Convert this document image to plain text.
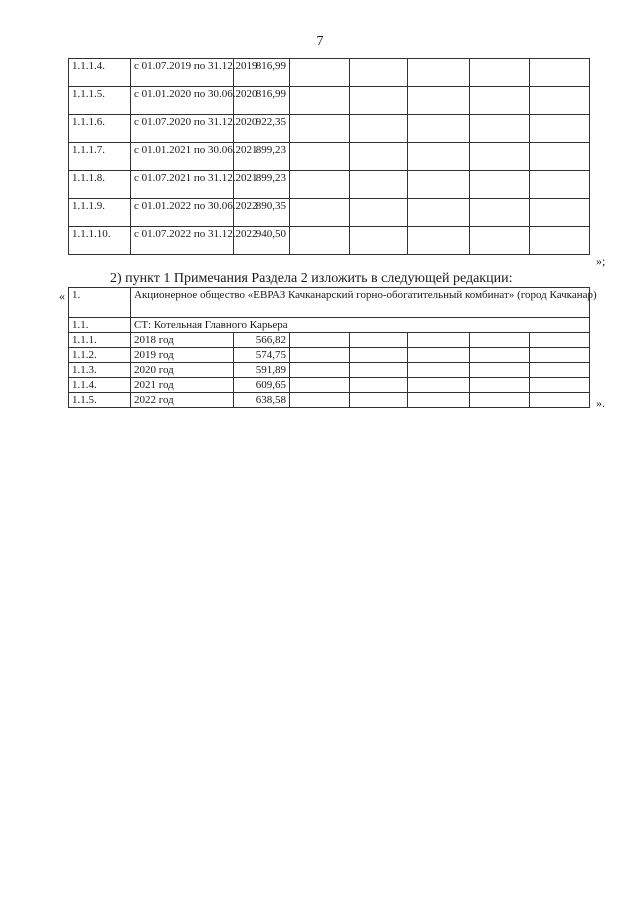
7
1.1.1.4.	с 01.07.2019 по 31.12.2019	816,99					
1.1.1.5.	с 01.01.2020 по 30.06.2020	816,99					
1.1.1.6.	с 01.07.2020 по 31.12.2020	922,35					
1.1.1.7.	с 01.01.2021 по 30.06.2021	899,23					
1.1.1.8.	с 01.07.2021 по 31.12.2021	899,23					
1.1.1.9.	с 01.01.2022 по 30.06.2022	890,35					
1.1.1.10.	с 01.07.2022 по 31.12.2022	940,50					
»;
2) пункт 1 Примечания Раздела 2 изложить в следующей редакции:
« 1.	Акционерное общество «ЕВРАЗ Качканарский горно-обогатительный комбинат» (город Качканар)						
1.1.	СТ: Котельная Главного Карьера						
1.1.1.	2018 год	566,82					
1.1.2.	2019 год	574,75					
1.1.3.	2020 год	591,89					
1.1.4.	2021 год	609,65					
1.1.5.	2022 год	638,58						».
